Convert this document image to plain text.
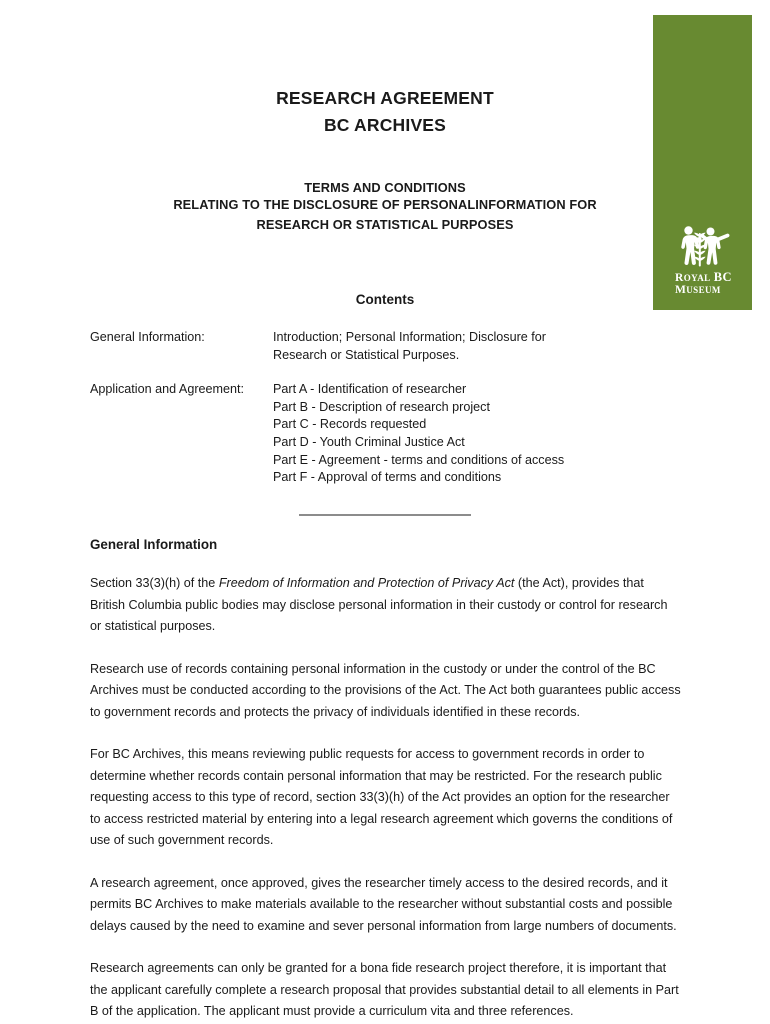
ROYAL BC
MUSEUM
RESEARCH AGREEMENT
BC ARCHIVES
TERMS AND CONDITIONS
RELATING TO THE DISCLOSURE OF PERSONALINFORMATION FOR
RESEARCH OR STATISTICAL PURPOSES
Contents
General Information:	Introduction; Personal Information; Disclosure for
Research or Statistical Purposes.
Application and Agreement:	Part A - Identification of researcher
Part B - Description of research project
Part C - Records requested
Part D - Youth Criminal Justice Act
Part E - Agreement - terms and conditions of access
Part F - Approval of terms and conditions
General Information

Section 33(3)(h) of the Freedom of Information and Protection of Privacy Act (the Act), provides that British Columbia public bodies may disclose personal information in their custody or control for research or statistical purposes.

Research use of records containing personal information in the custody or under the control of the BC Archives must be conducted according to the provisions of the Act. The Act both guarantees public access to government records and protects the privacy of individuals identified in these records.

For BC Archives, this means reviewing public requests for access to government records in order to determine whether records contain personal information that may be restricted. For the research public requesting access to this type of record, section 33(3)(h) of the Act provides an option for the researcher to access restricted material by entering into a legal research agreement which governs the conditions of use of such government records.

A research agreement, once approved, gives the researcher timely access to the desired records, and it permits BC Archives to make materials available to the researcher without substantial costs and possible delays caused by the need to examine and sever personal information from large numbers of documents.

Research agreements can only be granted for a bona fide research project therefore, it is important that the applicant carefully complete a research proposal that provides substantial detail to all elements in Part B of the application. The applicant must provide a curriculum vita and three references.
